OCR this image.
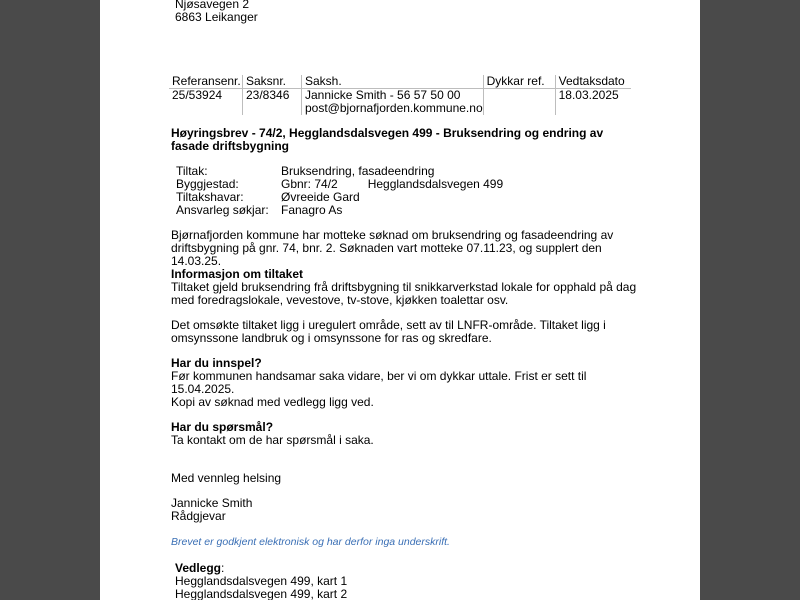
Njøsavegen 2
6863 Leikanger
Referansenr.	Saksnr.	Saksh.	Dykkar ref.	Vedtaksdato
25/53924	23/8346	Jannicke Smith - 56 57 50 00
post@bjornafjorden.kommune.no		18.03.2025
Høyringsbrev - 74/2, Hegglandsdalsvegen 499 - Bruksendring og endring av fasade driftsbygning
Tiltak:	Bruksendring, fasadeendring
Byggjestad:	Gbnr: 74/2 Hegglandsdalsvegen 499
Tiltakshavar:	Øvreeide Gard
Ansvarleg søkjar:	Fanagro As
Bjørnafjorden kommune har motteke søknad om bruksendring og fasadeendring av driftsbygning på gnr. 74, bnr. 2. Søknaden vart motteke 07.11.23, og supplert den 14.03.25.
Informasjon om tiltaket
Tiltaket gjeld bruksendring frå driftsbygning til snikkarverkstad lokale for opphald på dag med foredragslokale, vevestove, tv-stove, kjøkken toalettar osv.
Det omsøkte tiltaket ligg i uregulert område, sett av til LNFR-område. Tiltaket ligg i omsynssone landbruk og i omsynssone for ras og skredfare.
Har du innspel?
Før kommunen handsamar saka vidare, ber vi om dykkar uttale. Frist er sett til 15.04.2025.
Kopi av søknad med vedlegg ligg ved.
Har du spørsmål?
Ta kontakt om de har spørsmål i saka.
Med vennleg helsing
Jannicke Smith
Rådgjevar
Brevet er godkjent elektronisk og har derfor inga underskrift.
Vedlegg:
Hegglandsdalsvegen 499, kart 1
Hegglandsdalsvegen 499, kart 2
